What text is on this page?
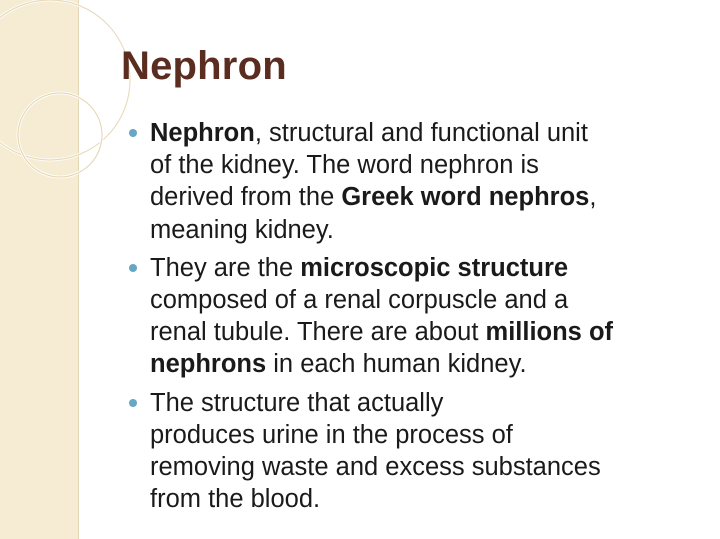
Nephron
Nephron, structural and functional unit
of the kidney. The word nephron is
derived from the Greek word nephros,
meaning kidney.
They are the microscopic structure
composed of a renal corpuscle and a
renal tubule. There are about millions of
nephrons in each human kidney.
The structure that actually
produces urine in the process of
removing waste and excess substances
from the blood.
